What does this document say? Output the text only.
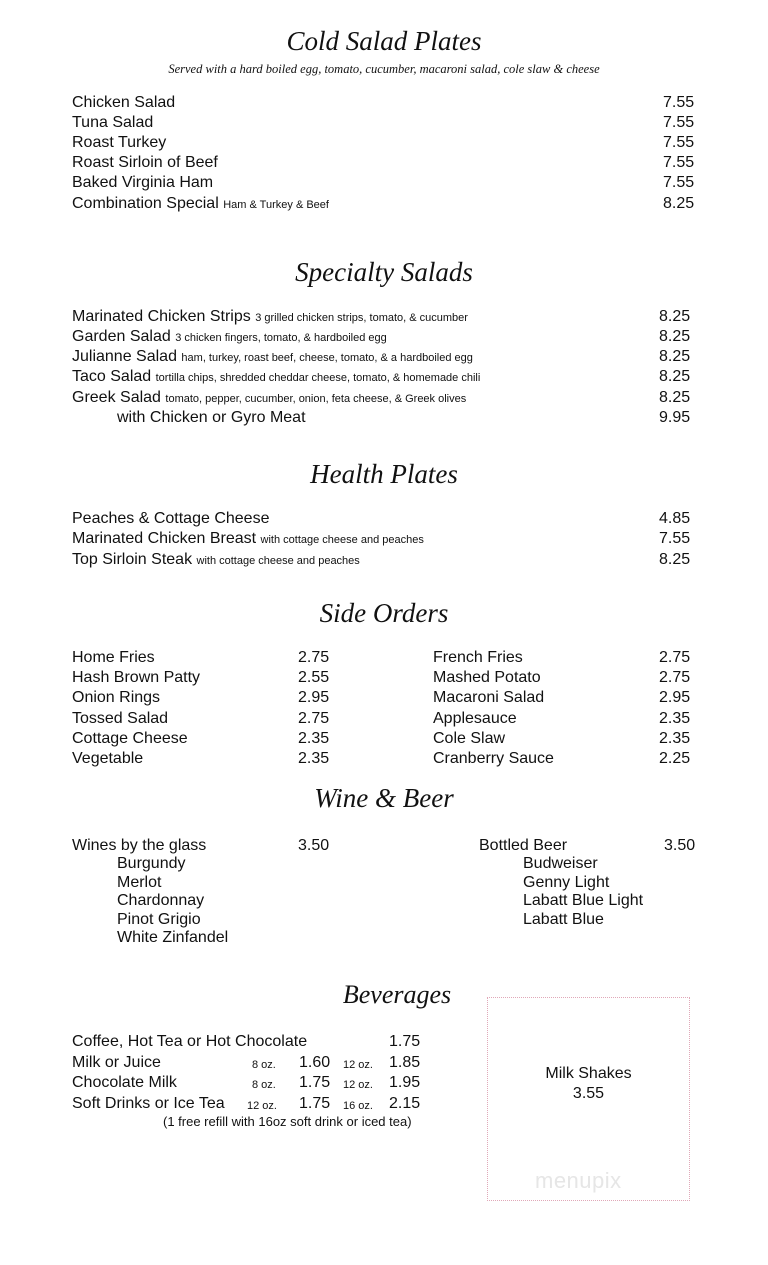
Cold Salad Plates
Served with a hard boiled egg, tomato, cucumber, macaroni salad, cole slaw & cheese
Chicken Salad	7.55
Tuna Salad	7.55
Roast Turkey	7.55
Roast Sirloin of Beef	7.55
Baked Virginia Ham	7.55
Combination Special Ham & Turkey & Beef	8.25
Specialty Salads
Marinated Chicken Strips 3 grilled chicken strips, tomato, & cucumber	8.25
Garden Salad 3 chicken fingers, tomato, & hardboiled egg	8.25
Julianne Salad ham, turkey, roast beef, cheese, tomato, & a hardboiled egg	8.25
Taco Salad tortilla chips, shredded cheddar cheese, tomato, & homemade chili	8.25
Greek Salad tomato, pepper, cucumber, onion, feta cheese, & Greek olives	8.25
with Chicken or Gyro Meat	9.95
Health Plates
Peaches & Cottage Cheese	4.85
Marinated Chicken Breast with cottage cheese and peaches	7.55
Top Sirloin Steak with cottage cheese and peaches	8.25
Side Orders
Home Fries	2.75
Hash Brown Patty	2.55
Onion Rings	2.95
Tossed Salad	2.75
Cottage Cheese	2.35
Vegetable	2.35
French Fries	2.75
Mashed Potato	2.75
Macaroni Salad	2.95
Applesauce	2.35
Cole Slaw	2.35
Cranberry Sauce	2.25
Wine & Beer
Wines by the glass	3.50
Burgundy
Merlot
Chardonnay
Pinot Grigio
White Zinfandel
Bottled Beer	3.50
Budweiser
Genny Light
Labatt Blue Light
Labatt Blue
Beverages
Coffee, Hot Tea or Hot Chocolate	1.75
Milk or Juice	8 oz. 1.60 12 oz. 1.85
Chocolate Milk	8 oz. 1.75 12 oz. 1.95
Soft Drinks or Ice Tea 12 oz. 1.75 16 oz. 2.15
(1 free refill with 16oz soft drink or iced tea)
Milk Shakes
3.55
menupix
